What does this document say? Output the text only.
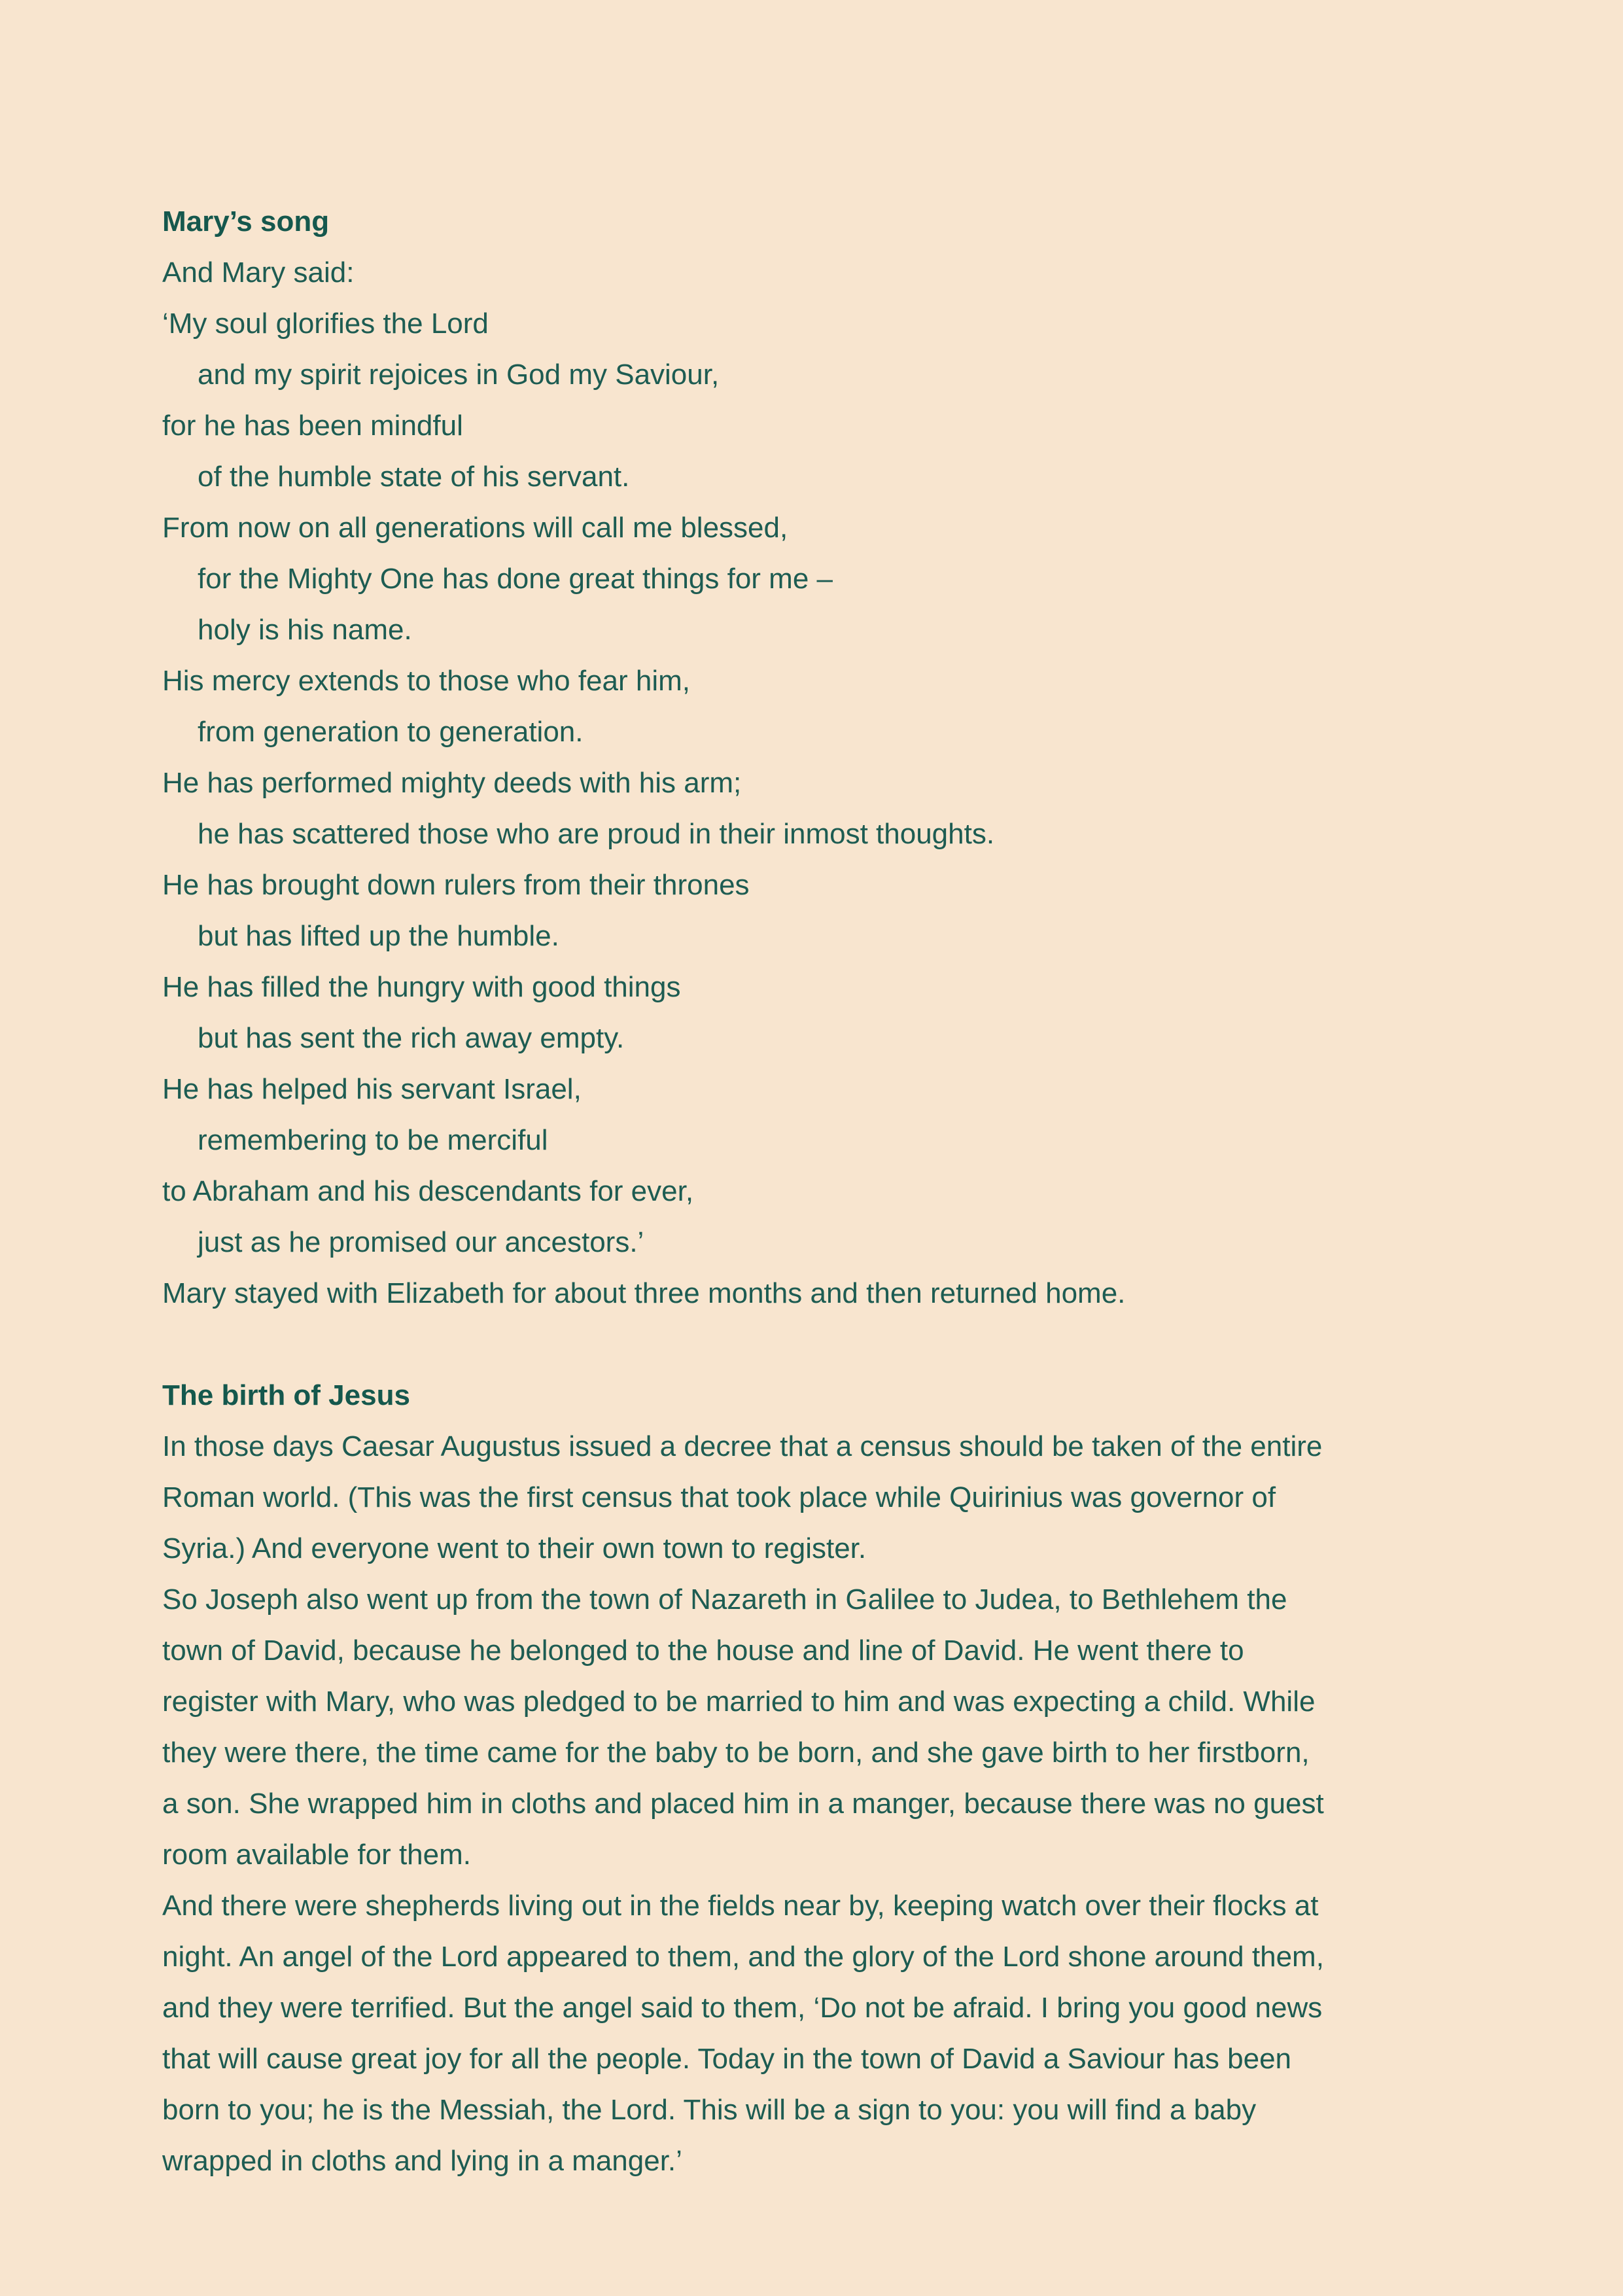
Mary’s song

And Mary said:

‘My soul glorifies the Lord

and my spirit rejoices in God my Saviour,

for he has been mindful

of the humble state of his servant.

From now on all generations will call me blessed,

for the Mighty One has done great things for me –

holy is his name.

His mercy extends to those who fear him,

from generation to generation.

He has performed mighty deeds with his arm;

he has scattered those who are proud in their inmost thoughts.

He has brought down rulers from their thrones

but has lifted up the humble.

He has filled the hungry with good things

but has sent the rich away empty.

He has helped his servant Israel,

remembering to be merciful

to Abraham and his descendants for ever,

just as he promised our ancestors.’

Mary stayed with Elizabeth for about three months and then returned home.

The birth of Jesus

In those days Caesar Augustus issued a decree that a census should be taken of the entire

Roman world. (This was the first census that took place while Quirinius was governor of

Syria.) And everyone went to their own town to register.

So Joseph also went up from the town of Nazareth in Galilee to Judea, to Bethlehem the

town of David, because he belonged to the house and line of David. He went there to

register with Mary, who was pledged to be married to him and was expecting a child. While

they were there, the time came for the baby to be born, and she gave birth to her firstborn,

a son. She wrapped him in cloths and placed him in a manger, because there was no guest

room available for them.

And there were shepherds living out in the fields near by, keeping watch over their flocks at

night. An angel of the Lord appeared to them, and the glory of the Lord shone around them,

and they were terrified. But the angel said to them, ‘Do not be afraid. I bring you good news

that will cause great joy for all the people. Today in the town of David a Saviour has been

born to you; he is the Messiah, the Lord. This will be a sign to you: you will find a baby

wrapped in cloths and lying in a manger.’
